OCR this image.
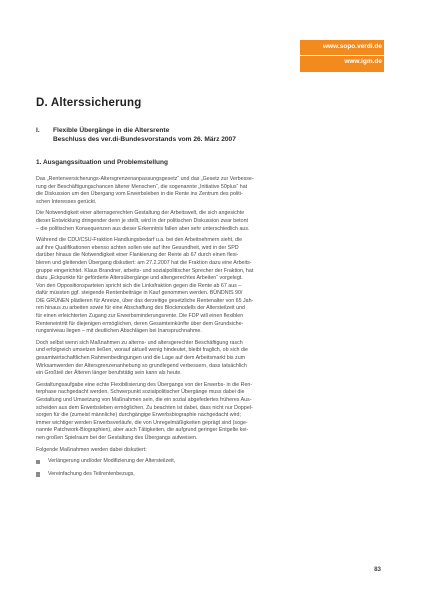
www.sopo.verdi.de
www.igm.de
D. Alterssicherung
I. Flexible Übergänge in die Altersrente
Beschluss des ver.di-Bundesvorstands vom 26. März 2007
1. Ausgangssituation und Problemstellung

Das „Rentenversicherungs-Altersgrenzenanpassungsgesetz“ und das „Gesetz zur Verbesse-
rung der Beschäftigungschancen älterer Menschen“, die sogenannte „Initiative 50plus“ hat
die Diskussion um den Übergang vom Erwerbsleben in die Rente ins Zentrum des politi-
schen Interesses gerückt.

Die Notwendigkeit einer alternsgerechten Gestaltung der Arbeitswelt, die sich angesichte
dieser Entwicklung dringender denn je stellt, wird in der politischen Diskussion zwar betont
– die politischen Konsequenzen aus dieser Erkenntnis fallen aber sehr unterschiedlich aus.

Während die CDU/CSU-Fraktion Handlungsbedarf u.a. bei den Arbeitnehmern sieht, die
auf ihre Qualifikationen ebenso achten sollen wie auf ihre Gesundheit, wird in der SPD
darüber hinaus die Notwendigkeit einer Flankierung der Rente ab 67 durch einen flexi-
bleren und gleitenden Übergang diskutiert: am 27.2.2007 hat die Fraktion dazu eine Arbeits-
gruppe eingerichtet. Klaus Brandner, arbeits- und sozialpolitischer Sprecher der Fraktion, hat
dazu „Eckpunkte für geförderte Altersübergänge und altengerechtes Arbeiten“ vorgelegt.
Von den Oppositionsparteien spricht sich die Linksfraktion gegen die Rente ab 67 aus –
dafür müssten ggf. steigende Rentenbeiträge in Kauf genommen werden. BÜNDNIS 90/
DIE GRÜNEN plädieren für Anreize, über das derzeitige gesetzliche Rentenalter von 65 Jah-
ren hinaus zu arbeiten sowie für eine Abschaffung des Blockmodells der Altersteilzeit und
für einen erleichterten Zugang zur Erwerbsminderungsrente. Die FDP will einen flexiblen
Renteneintritt für diejenigen ermöglichen, deren Gesamteinkünfte über dem Grundsiche-
rungsniveau liegen – mit deutlichen Abschlägen bei Inanspruchnahme.

Doch selbst wenn sich Maßnahmen zu alterns- und altersgerechter Beschäftigung rasch
und erfolgreich umsetzen ließen, worauf aktuell wenig hindeutet, bleibt fraglich, ob sich die
gesamtwirtschaftlichen Rahmenbedingungen und die Lage auf dem Arbeitsmarkt bis zum
Wirksamwerden der Altersgrenzenanhebung so grundlegend verbessern, dass tatsächlich
ein Großteil der Älteren länger berufstätig sein kann als heute.

Gestaltungsaufgabe eine echte Flexibilisierung des Übergangs von der Erwerbs- in die Ren-
terphase nachgedacht werden. Schwerpunkt sozialpolitischer Übergänge muss dabei die
Gestaltung und Umsetzung von Maßnahmen sein, die ein sozial abgefedertes früheres Aus-
scheiden aus dem Erwerbsleben ermöglichen. Zu beachten ist dabei, dass nicht nur Doppel-
sorgen für die (zumeist männliche) durchgängige Erwerbsbiographie nachgedacht wird;
immer wichtiger werden Erwerbsverläufe, die von Unregelmäßigkeiten geprägt sind (soge-
nannte Patchwork-Biographien), aber auch Tätigkeiten, die aufgrund geringer Entgelte kei-
nen großen Spielraum bei der Gestaltung des Übergangs aufweisen.

Folgende Maßnahmen werden dabei diskutiert:

Verlängerung und/oder Modifizierung der Altersteilzeit,
Vereinfachung des Teilrentenbezugs,
83
